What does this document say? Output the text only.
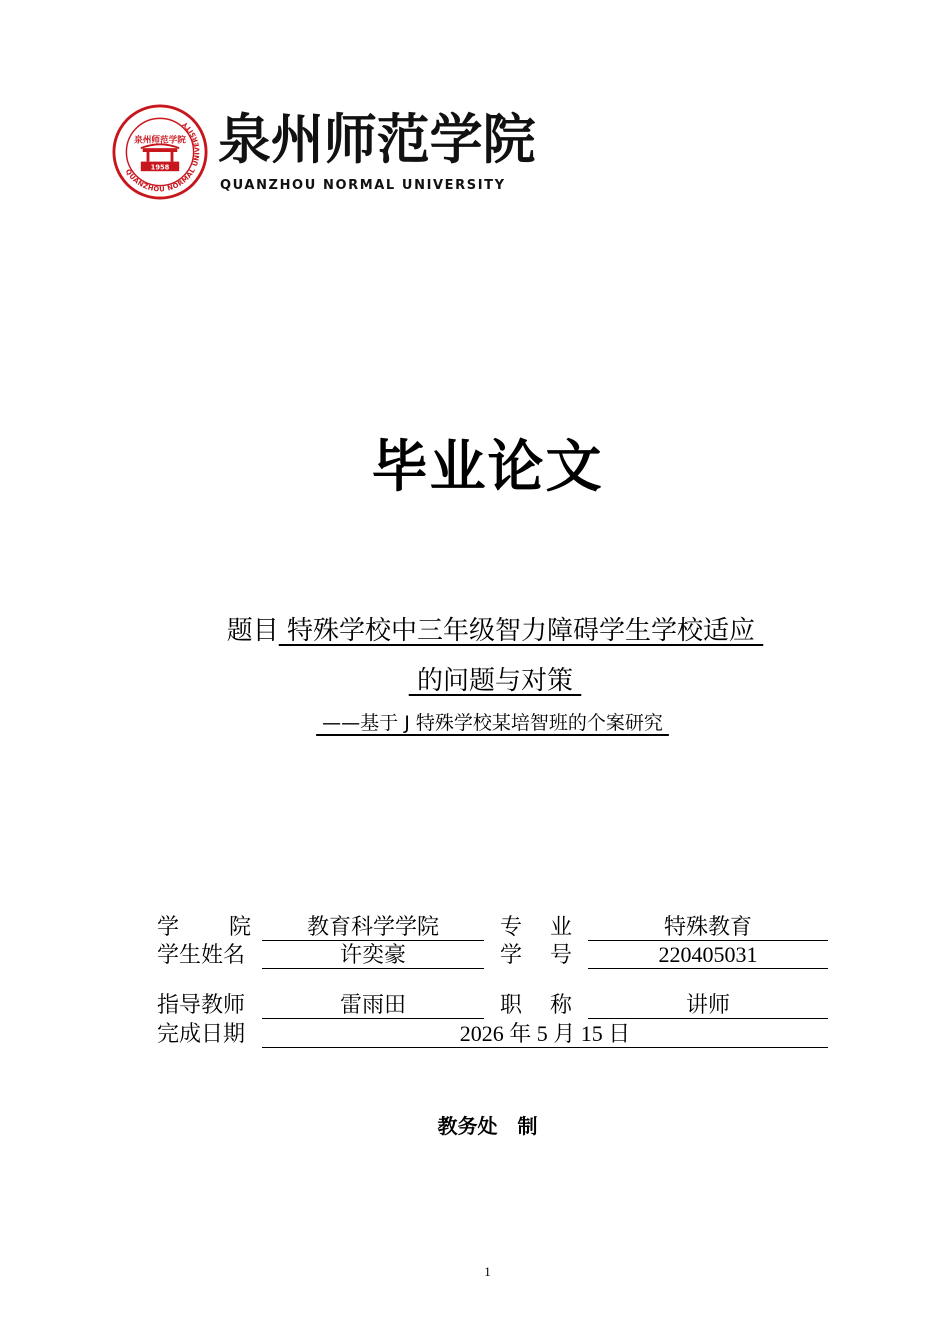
QUANZHOU NORMAL UNIVERSITY
泉州师范学院
1958 泉州师范学院
QUANZHOU NORMAL UNIVERSITY
毕业论文
题目 特殊学校中三年级智力障碍学生学校适应
的问题与对策
——基于 J 特殊学校某培智班的个案研究
学 院	教育科学学院	专 业	特殊教育
学生姓名	许奕豪	学 号	220405031
指导教师	雷雨田	职 称	讲师
完成日期	2026 年 5 月 15 日
教务处　制
1
